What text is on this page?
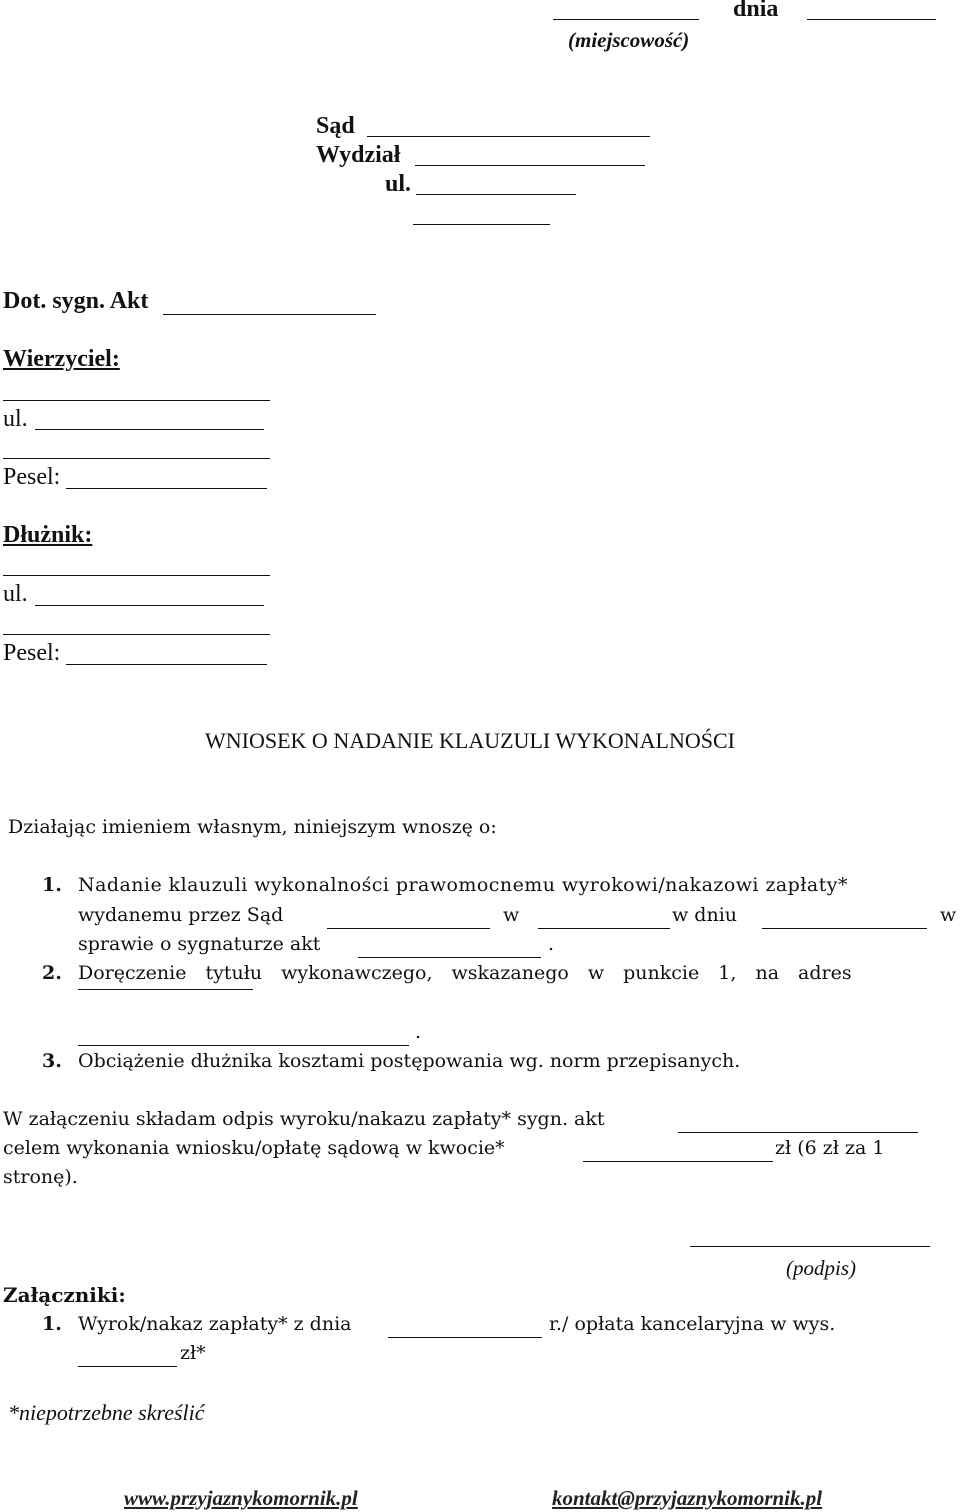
dnia
(miejscowość)
Sąd
Wydział
ul.
Dot. sygn. Akt
Wierzyciel:
ul.
Pesel:
Dłużnik:
ul.
Pesel:
WNIOSEK O NADANIE KLAUZULI WYKONALNOŚCI
Działając imieniem własnym, niniejszym wnoszę o:
1. Nadanie klauzuli wykonalności prawomocnemu wyrokowi/nakazowi zapłaty*
wydanemu przez Sąd	w	w dniu	w
sprawie o sygnaturze akt	.
2. Doręczenie tytułu wykonawczego, wskazanego w punkcie 1, na adres
.
3. Obciążenie dłużnika kosztami postępowania wg. norm przepisanych.
W załączeniu składam odpis wyroku/nakazu zapłaty* sygn. akt
celem wykonania wniosku/opłatę sądową w kwocie*	zł (6 zł za 1
stronę).
(podpis)
Załączniki:
1. Wyrok/nakaz zapłaty* z dnia	r./ opłata kancelaryjna w wys.
zł*
*niepotrzebne skreślić
www.przyjaznykomornik.pl	kontakt@przyjaznykomornik.pl
